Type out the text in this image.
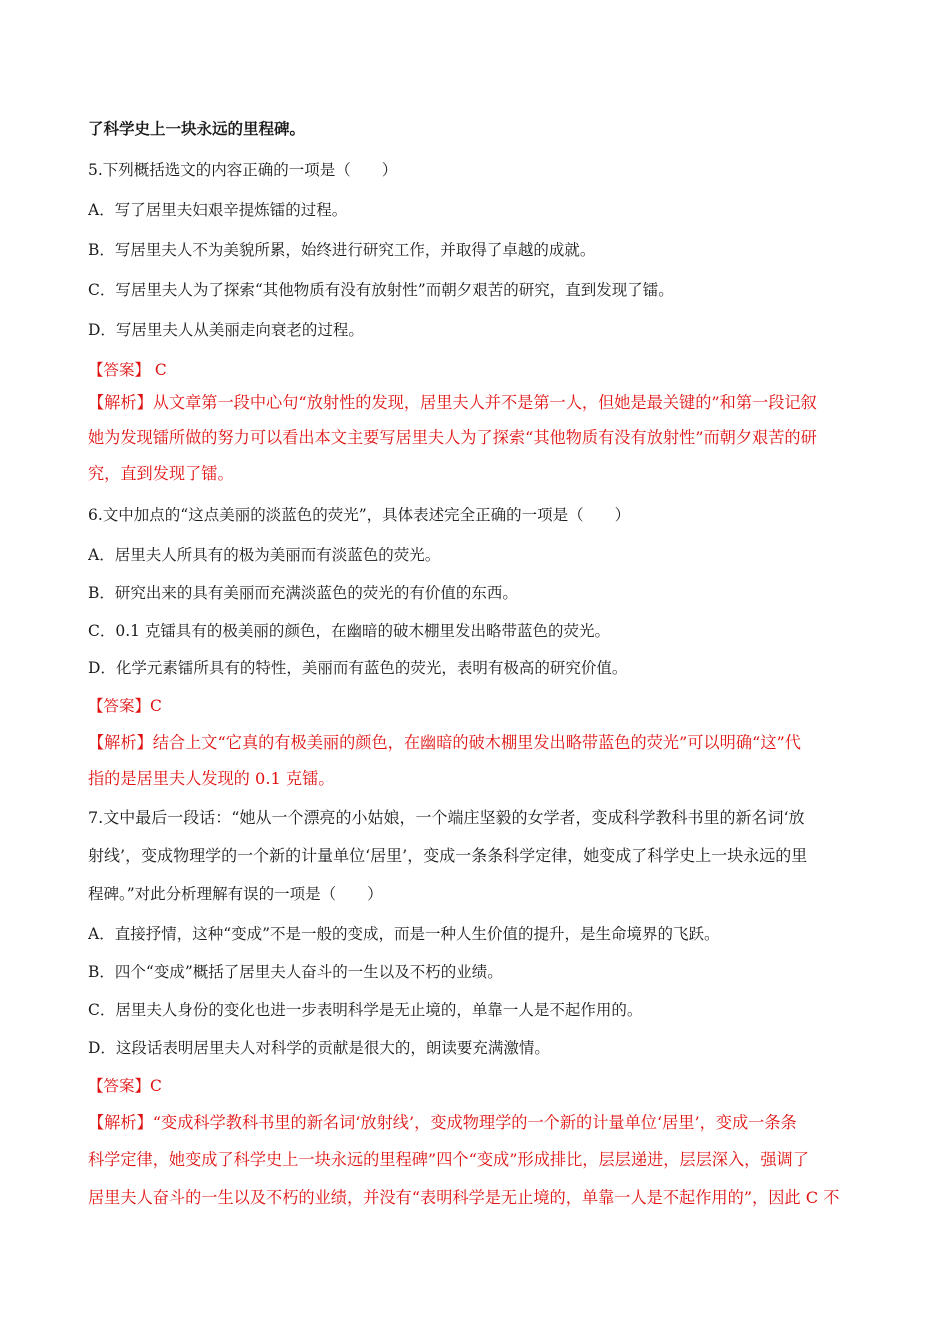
了科学史上一块永远的里程碑。
5.下列概括选文的内容正确的一项是（　　）
A．写了居里夫妇艰辛提炼镭的过程。
B．写居里夫人不为美貌所累，始终进行研究工作，并取得了卓越的成就。
C．写居里夫人为了探索“其他物质有没有放射性”而朝夕艰苦的研究，直到发现了镭。
D．写居里夫人从美丽走向衰老的过程。
【答案】 C
【解析】从文章第一段中心句“放射性的发现，居里夫人并不是第一人，但她是最关键的”和第一段记叙
她为发现镭所做的努力可以看出本文主要写居里夫人为了探索“其他物质有没有放射性”而朝夕艰苦的研
究，直到发现了镭。
6.文中加点的“这点美丽的淡蓝色的荧光”，具体表述完全正确的一项是（　　）
A．居里夫人所具有的极为美丽而有淡蓝色的荧光。
B．研究出来的具有美丽而充满淡蓝色的荧光的有价值的东西。
C．0.1 克镭具有的极美丽的颜色，在幽暗的破木棚里发出略带蓝色的荧光。
D．化学元素镭所具有的特性，美丽而有蓝色的荧光，表明有极高的研究价值。
【答案】C
【解析】结合上文“它真的有极美丽的颜色，在幽暗的破木棚里发出略带蓝色的荧光”可以明确“这”代
指的是居里夫人发现的 0.1 克镭。
7.文中最后一段话：“她从一个漂亮的小姑娘，一个端庄坚毅的女学者，变成科学教科书里的新名词‘放
射线’，变成物理学的一个新的计量单位‘居里’，变成一条条科学定律，她变成了科学史上一块永远的里
程碑。”对此分析理解有误的一项是（　　）
A．直接抒情，这种“变成”不是一般的变成，而是一种人生价值的提升，是生命境界的飞跃。
B．四个“变成”概括了居里夫人奋斗的一生以及不朽的业绩。
C．居里夫人身份的变化也进一步表明科学是无止境的，单靠一人是不起作用的。
D．这段话表明居里夫人对科学的贡献是很大的，朗读要充满激情。
【答案】C
【解析】“变成科学教科书里的新名词‘放射线’，变成物理学的一个新的计量单位‘居里’，变成一条条
科学定律，她变成了科学史上一块永远的里程碑”四个“变成”形成排比，层层递进，层层深入，强调了
居里夫人奋斗的一生以及不朽的业绩，并没有“表明科学是无止境的，单靠一人是不起作用的”，因此 C 不
